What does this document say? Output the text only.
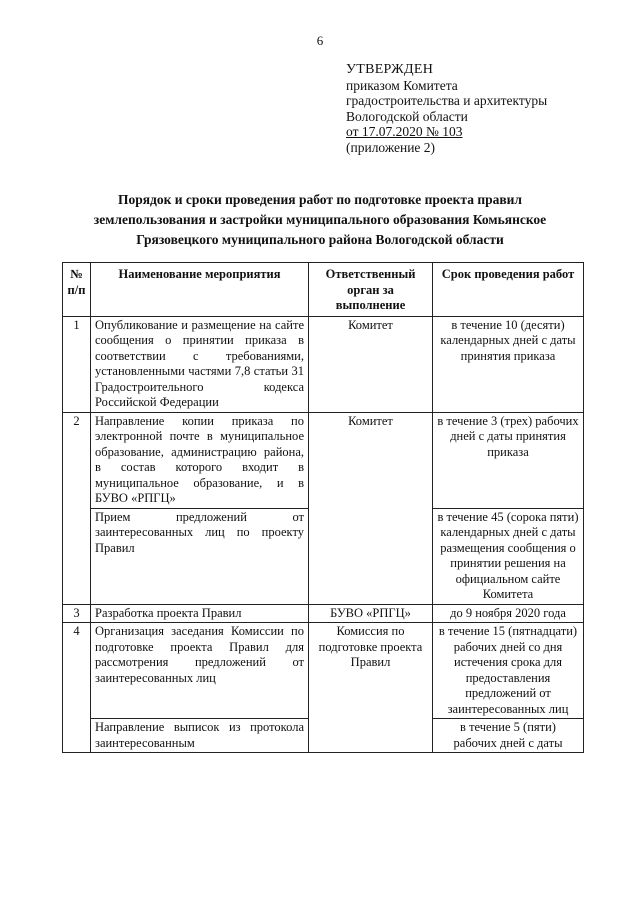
6
УТВЕРЖДЕН
приказом Комитета
градостроительства и архитектуры
Вологодской области
от 17.07.2020 № 103
(приложение 2)
Порядок и сроки проведения работ по подготовке проекта правил
землепользования и застройки муниципального образования Комьянское
Грязовецкого муниципального района Вологодской области
№ п/п	Наименование мероприятия	Ответственный орган за выполнение	Срок проведения работ
1	Опубликование и размещение на сайте сообщения о принятии приказа в соответствии с требованиями, установленными частями 7,8 статьи 31 Градостроительного кодекса Российской Федерации	Комитет	в течение 10 (десяти) календарных дней с даты принятия приказа
2	Направление копии приказа по электронной почте в муниципальное образование, администрацию района, в состав которого входит в муниципальное образование, и в БУВО «РПГЦ»	Комитет	в течение 3 (трех) рабочих дней с даты принятия приказа
	Прием предложений от заинтересованных лиц по проекту Правил		в течение 45 (сорока пяти) календарных дней с даты размещения сообщения о принятии решения на официальном сайте Комитета
3	Разработка проекта Правил	БУВО «РПГЦ»	до 9 ноября 2020 года
4	Организация заседания Комиссии по подготовке проекта Правил для рассмотрения предложений от заинтересованных лиц	Комиссия по подготовке проекта Правил	в течение 15 (пятнадцати) рабочих дней со дня истечения срока для предоставления предложений от заинтересованных лиц
	Направление выписок из протокола заинтересованным		в течение 5 (пяти) рабочих дней с даты
